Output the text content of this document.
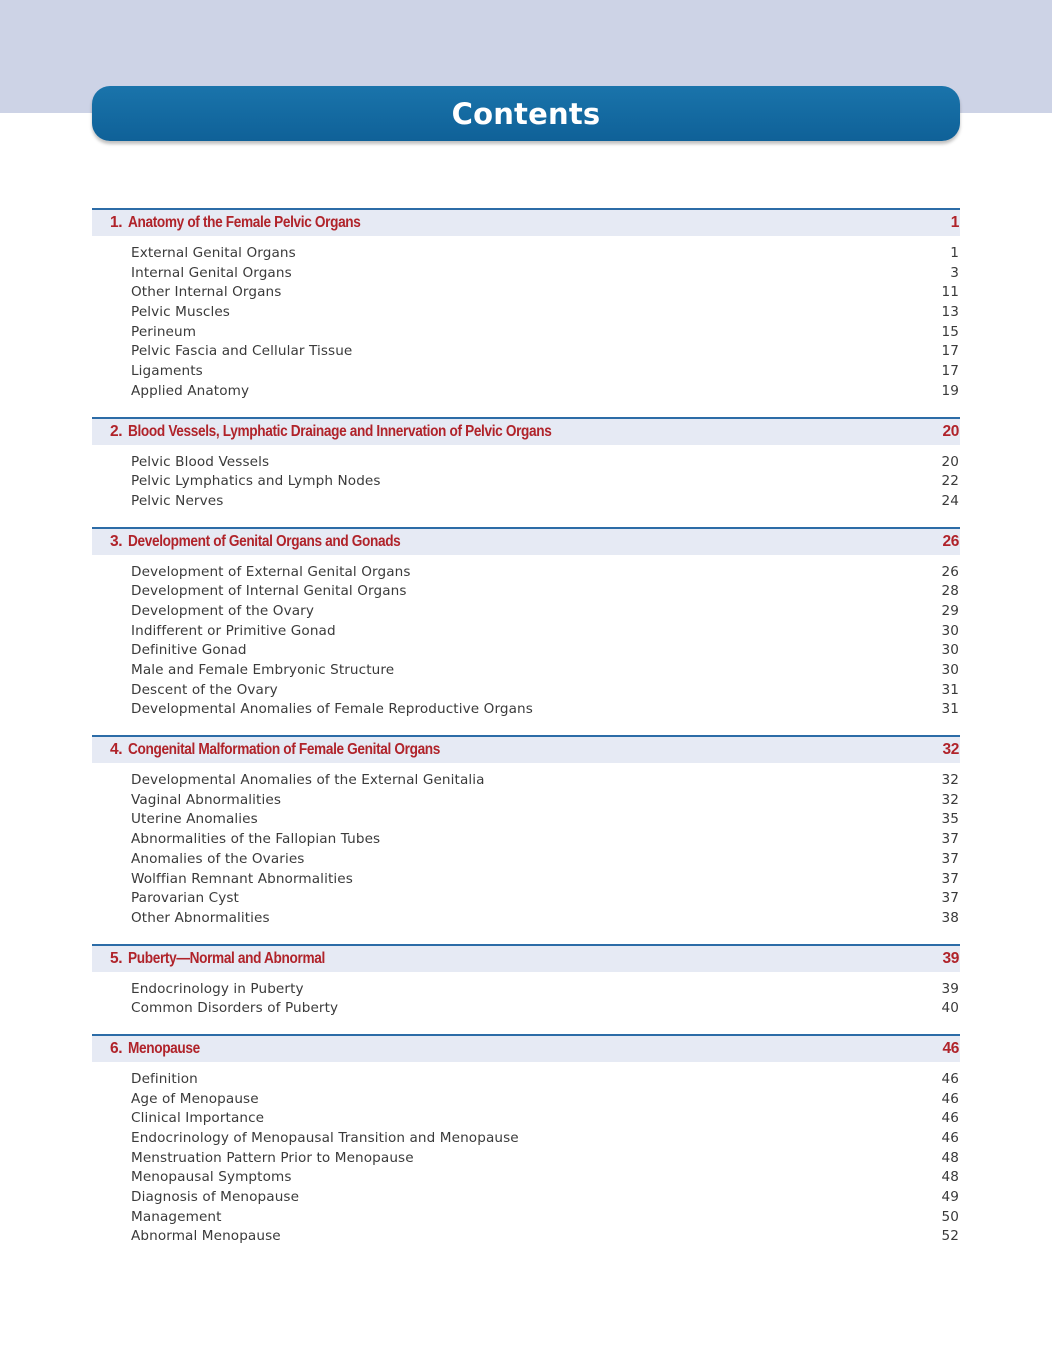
Contents
1. Anatomy of the Female Pelvic Organs	1
External Genital Organs	1
Internal Genital Organs	3
Other Internal Organs	11
Pelvic Muscles	13
Perineum	15
Pelvic Fascia and Cellular Tissue	17
Ligaments	17
Applied Anatomy	19
2. Blood Vessels, Lymphatic Drainage and Innervation of Pelvic Organs	20
Pelvic Blood Vessels	20
Pelvic Lymphatics and Lymph Nodes	22
Pelvic Nerves	24
3. Development of Genital Organs and Gonads	26
Development of External Genital Organs	26
Development of Internal Genital Organs	28
Development of the Ovary	29
Indifferent or Primitive Gonad	30
Definitive Gonad	30
Male and Female Embryonic Structure	30
Descent of the Ovary	31
Developmental Anomalies of Female Reproductive Organs	31
4. Congenital Malformation of Female Genital Organs	32
Developmental Anomalies of the External Genitalia	32
Vaginal Abnormalities	32
Uterine Anomalies	35
Abnormalities of the Fallopian Tubes	37
Anomalies of the Ovaries	37
Wolffian Remnant Abnormalities	37
Parovarian Cyst	37
Other Abnormalities	38
5. Puberty—Normal and Abnormal	39
Endocrinology in Puberty	39
Common Disorders of Puberty	40
6. Menopause	46
Definition	46
Age of Menopause	46
Clinical Importance	46
Endocrinology of Menopausal Transition and Menopause	46
Menstruation Pattern Prior to Menopause	48
Menopausal Symptoms	48
Diagnosis of Menopause	49
Management	50
Abnormal Menopause	52
